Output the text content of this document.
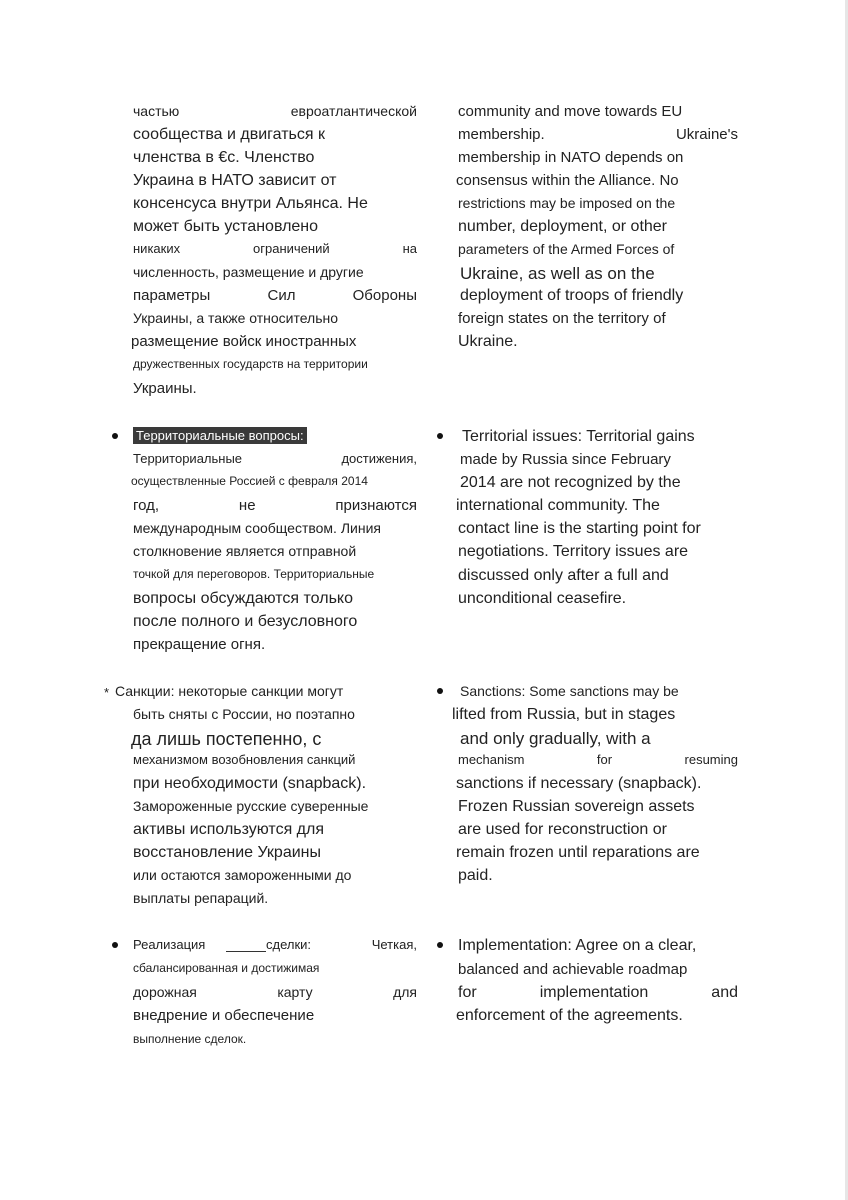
частью	евроатлантической
сообщества и двигаться к
членства в €с. Членство
Украина в НАТО зависит от
консенсуса внутри Альянса. Не
может быть установлено
никаких	ограничений	на
численность, размещение и другие
параметры	Сил	Обороны
Украины, а также относительно
размещение войск иностранных
дружественных государств на территории
Украины.
community and move towards EU
membership.	Ukraine's
membership in NATO depends on
consensus within the Alliance. No
restrictions may be imposed on the
number, deployment, or other
parameters of the Armed Forces of
Ukraine, as well as on the
deployment of troops of friendly
foreign states on the territory of
Ukraine.
Территориальные	достижения,
осуществленные Россией с февраля 2014
год,	не	признаются
международным сообществом. Линия
столкновение является отправной
точкой для переговоров. Территориальные
вопросы обсуждаются только
после полного и безусловного
прекращение огня.
Территориальные вопросы:	Territorial issues: Territorial gains
made by Russia since February
2014 are not recognized by the
international community. The
contact line is the starting point for
negotiations. Territory issues are
discussed only after a full and
unconditional ceasefire.
Санкции: некоторые санкции могут
быть сняты с России, но поэтапно
да лишь постепенно, с
механизмом возобновления санкций
при необходимости (snapback).
Замороженные русские суверенные
активы используются для
восстановление Украины
или остаются замороженными до
выплаты репараций.
*	Sanctions: Some sanctions may be
lifted from Russia, but in stages
and only gradually, with a
mechanism	for	resuming
sanctions if necessary (snapback).
Frozen Russian sovereign assets
are used for reconstruction or
remain frozen until reparations are
paid.
Реализация	сделки:	Четкая,
сбалансированная и достижимая
дорожная	карту	для
внедрение и обеспечение
выполнение сделок.
Implementation: Agree on a clear,
balanced and achievable roadmap
for	implementation	and
enforcement of the agreements.
